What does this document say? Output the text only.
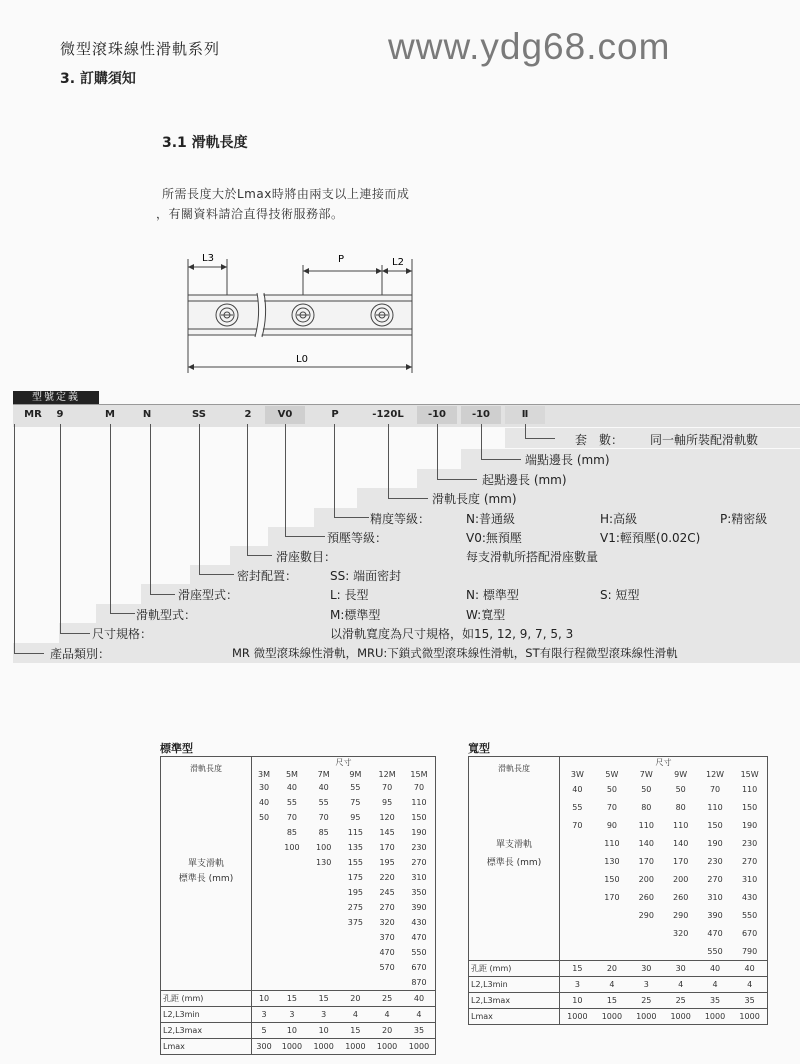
微型滾珠線性滑軌系列
3. 訂購須知
www.ydg68.com
3.1 滑軌長度
所需長度大於Lmax時將由兩支以上連接而成
，有關資料請洽直得技術服務部。
L3	P	L2
L0
型號定義
MR	9	M	N	SS	2	V0	P	-120L	-10	-10	Ⅱ
套　數： 同一軸所裝配滑軌數
端點邊長 (mm)
起點邊長 (mm)
滑軌長度 (mm)
精度等級：	N:普通級	H:高級	P:精密級
預壓等級：	V0:無預壓	V1:輕預壓(0.02C)
滑座數目：	每支滑軌所搭配滑座數量
密封配置：	SS: 端面密封
滑座型式：	L: 長型	N: 標準型	S: 短型
滑軌型式：	M:標準型	W:寬型
尺寸規格：	以滑軌寬度為尺寸規格，如15, 12, 9, 7, 5, 3
產品類別：	MR 微型滾珠線性滑軌，MRU:下鎖式微型滾珠線性滑軌，ST有限行程微型滾珠線性滑軌
標準型
滑軌長度	尺寸					
	3M	5M	7M	9M	12M	15M
	30	40	40	55	70	70
	40	55	55	75	95	110
	50	70	70	95	120	150
		85	85	115	145	190
		100	100	135	170	230
單支滑軌			130	155	195	270
標準長 (mm)				175	220	310
				195	245	350
				275	270	390
				375	320	430
					370	470
					470	550
					570	670
						870
孔距 (mm)	10	15	15	20	25	40
L2,L3min	3	3	3	4	4	4
L2,L3max	5	10	10	15	20	35
Lmax	300	1000	1000	1000	1000	1000
寬型
滑軌長度	尺寸					
	3W	5W	7W	9W	12W	15W
	40	50	50	50	70	110
	55	70	80	80	110	150
	70	90	110	110	150	190
單支滑軌		110	140	140	190	230
標準長 (mm)		130	170	170	230	270
		150	200	200	270	310
		170	260	260	310	430
			290	290	390	550
				320	470	670
					550	790
孔距 (mm)	15	20	30	30	40	40
L2,L3min	3	4	3	4	4	4
L2,L3max	10	15	25	25	35	35
Lmax	1000	1000	1000	1000	1000	1000
